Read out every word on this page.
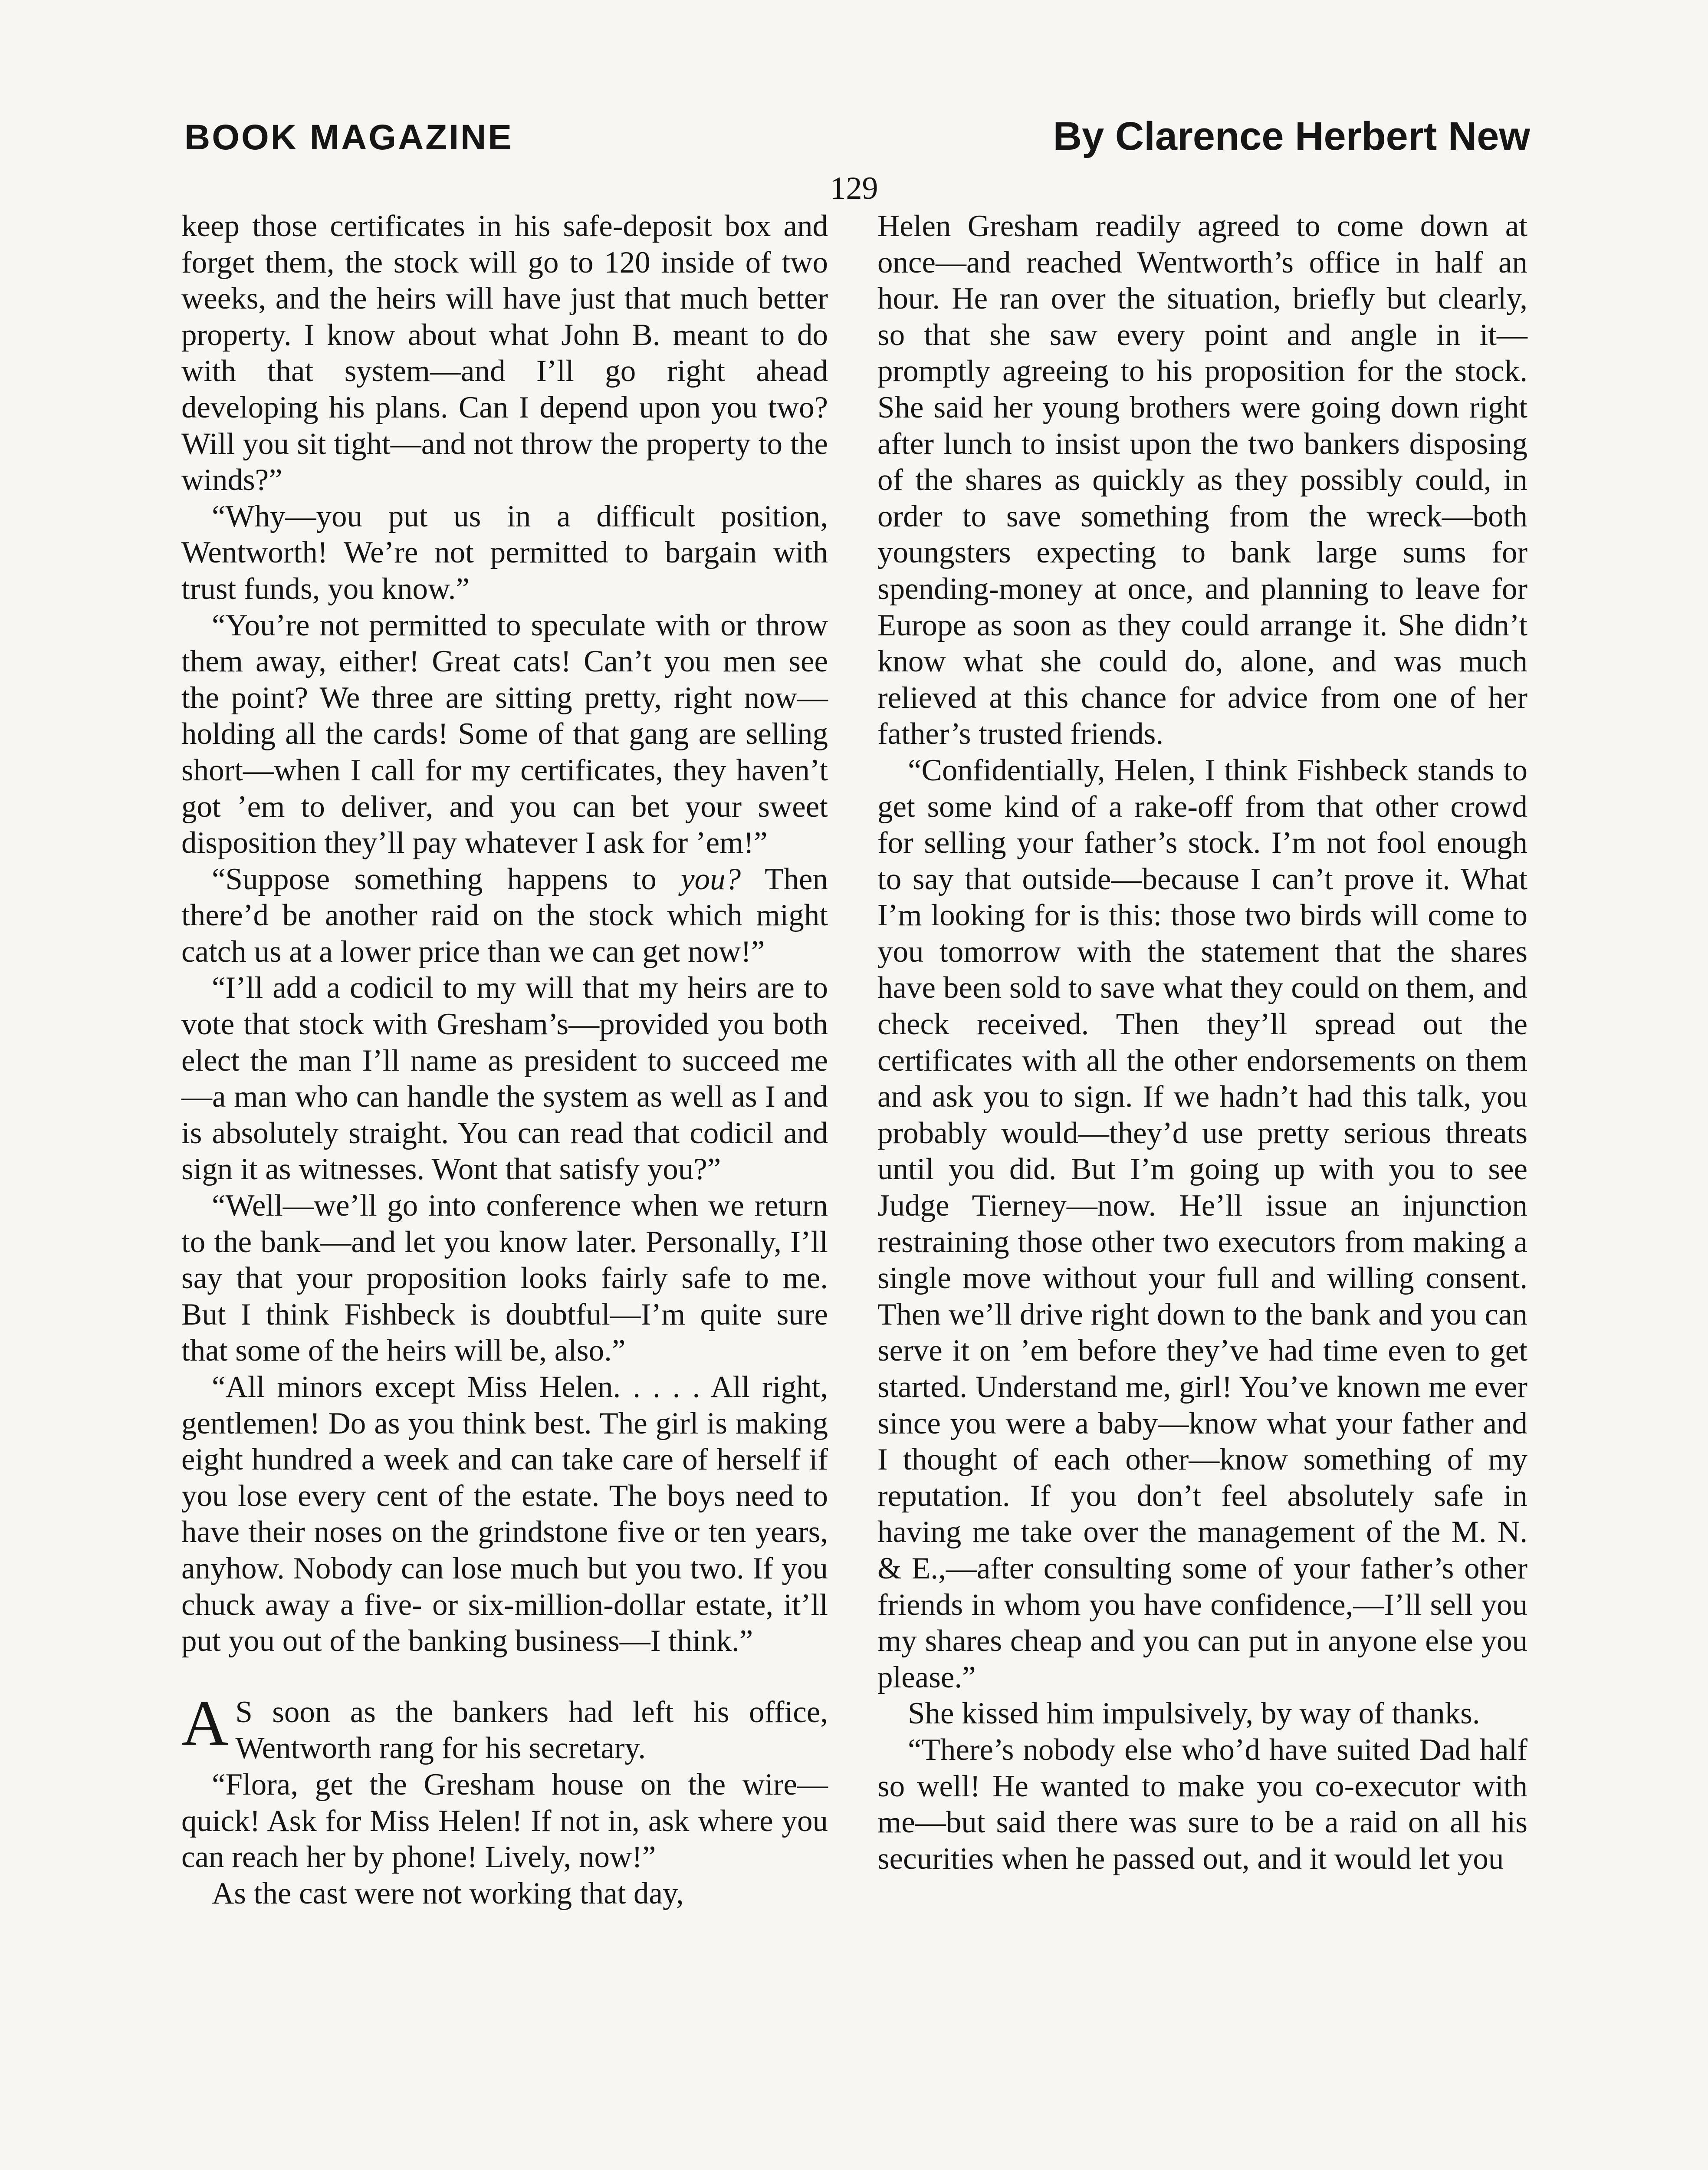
BOOK MAGAZINE	By Clarence Herbert New
129

keep those certificates in his safe-deposit box and forget them, the stock will go to 120 inside of two weeks, and the heirs will have just that much better property. I know about what John B. meant to do with that system—and I’ll go right ahead developing his plans. Can I depend upon you two? Will you sit tight—and not throw the property to the winds?”

“Why—you put us in a difficult position, Wentworth! We’re not permitted to bargain with trust funds, you know.”

“You’re not permitted to speculate with or throw them away, either! Great cats! Can’t you men see the point? We three are sitting pretty, right now—holding all the cards! Some of that gang are selling short—when I call for my certificates, they haven’t got ’em to deliver, and you can bet your sweet disposition they’ll pay whatever I ask for ’em!”

“Suppose something happens to you? Then there’d be another raid on the stock which might catch us at a lower price than we can get now!”

“I’ll add a codicil to my will that my heirs are to vote that stock with Gresham’s—provided you both elect the man I’ll name as president to succeed me—a man who can handle the system as well as I and is absolutely straight. You can read that codicil and sign it as witnesses. Wont that satisfy you?”

“Well—we’ll go into conference when we return to the bank—and let you know later. Personally, I’ll say that your proposition looks fairly safe to me. But I think Fishbeck is doubtful—I’m quite sure that some of the heirs will be, also.”

“All minors except Miss Helen. . . . . All right, gentlemen! Do as you think best. The girl is making eight hundred a week and can take care of herself if you lose every cent of the estate. The boys need to have their noses on the grindstone five or ten years, anyhow. Nobody can lose much but you two. If you chuck away a five- or six-million-dollar estate, it’ll put you out of the banking business—I think.”

A S soon as the bankers had left his office, Wentworth rang for his secretary.

“Flora, get the Gresham house on the wire—quick! Ask for Miss Helen! If not in, ask where you can reach her by phone! Lively, now!”

As the cast were not working that day,

Helen Gresham readily agreed to come down at once—and reached Wentworth’s office in half an hour. He ran over the situation, briefly but clearly, so that she saw every point and angle in it—promptly agreeing to his proposition for the stock. She said her young brothers were going down right after lunch to insist upon the two bankers disposing of the shares as quickly as they possibly could, in order to save something from the wreck—both youngsters expecting to bank large sums for spending-money at once, and planning to leave for Europe as soon as they could arrange it. She didn’t know what she could do, alone, and was much relieved at this chance for advice from one of her father’s trusted friends.

“Confidentially, Helen, I think Fishbeck stands to get some kind of a rake-off from that other crowd for selling your father’s stock. I’m not fool enough to say that outside—because I can’t prove it. What I’m looking for is this: those two birds will come to you tomorrow with the statement that the shares have been sold to save what they could on them, and check received. Then they’ll spread out the certificates with all the other endorsements on them and ask you to sign. If we hadn’t had this talk, you probably would—they’d use pretty serious threats until you did. But I’m going up with you to see Judge Tierney—now. He’ll issue an injunction restraining those other two executors from making a single move without your full and willing consent. Then we’ll drive right down to the bank and you can serve it on ’em before they’ve had time even to get started. Understand me, girl! You’ve known me ever since you were a baby—know what your father and I thought of each other—know something of my reputation. If you don’t feel absolutely safe in having me take over the management of the M. N. & E.,—after consulting some of your father’s other friends in whom you have confidence,—I’ll sell you my shares cheap and you can put in anyone else you please.”

She kissed him impulsively, by way of thanks.

“There’s nobody else who’d have suited Dad half so well! He wanted to make you co-executor with me—but said there was sure to be a raid on all his securities when he passed out, and it would let you
